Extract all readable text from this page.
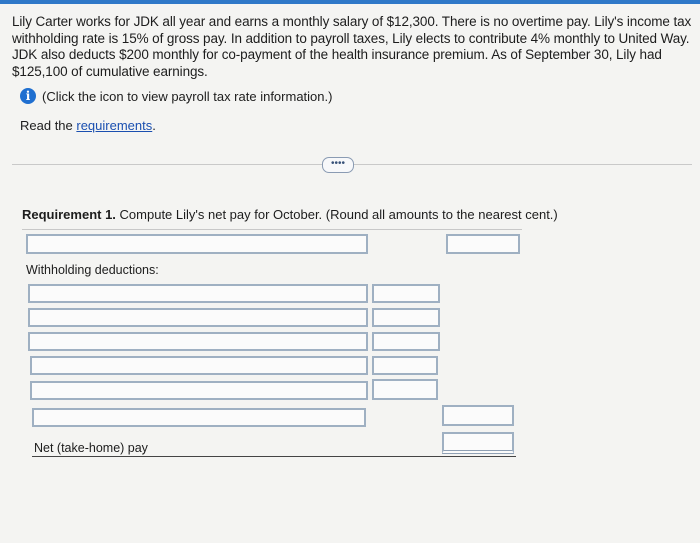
Lily Carter works for JDK all year and earns a monthly salary of $12,300. There is no overtime pay. Lily's income tax withholding rate is 15% of gross pay. In addition to payroll taxes, Lily elects to contribute 4% monthly to United Way. JDK also deducts $200 monthly for co-payment of the health insurance premium. As of September 30, Lily had $125,100 of cumulative earnings.
i (Click the icon to view payroll tax rate information.)
Read the requirements.
••••
Requirement 1. Compute Lily's net pay for October. (Round all amounts to the nearest cent.)
Withholding deductions:
Net (take-home) pay
